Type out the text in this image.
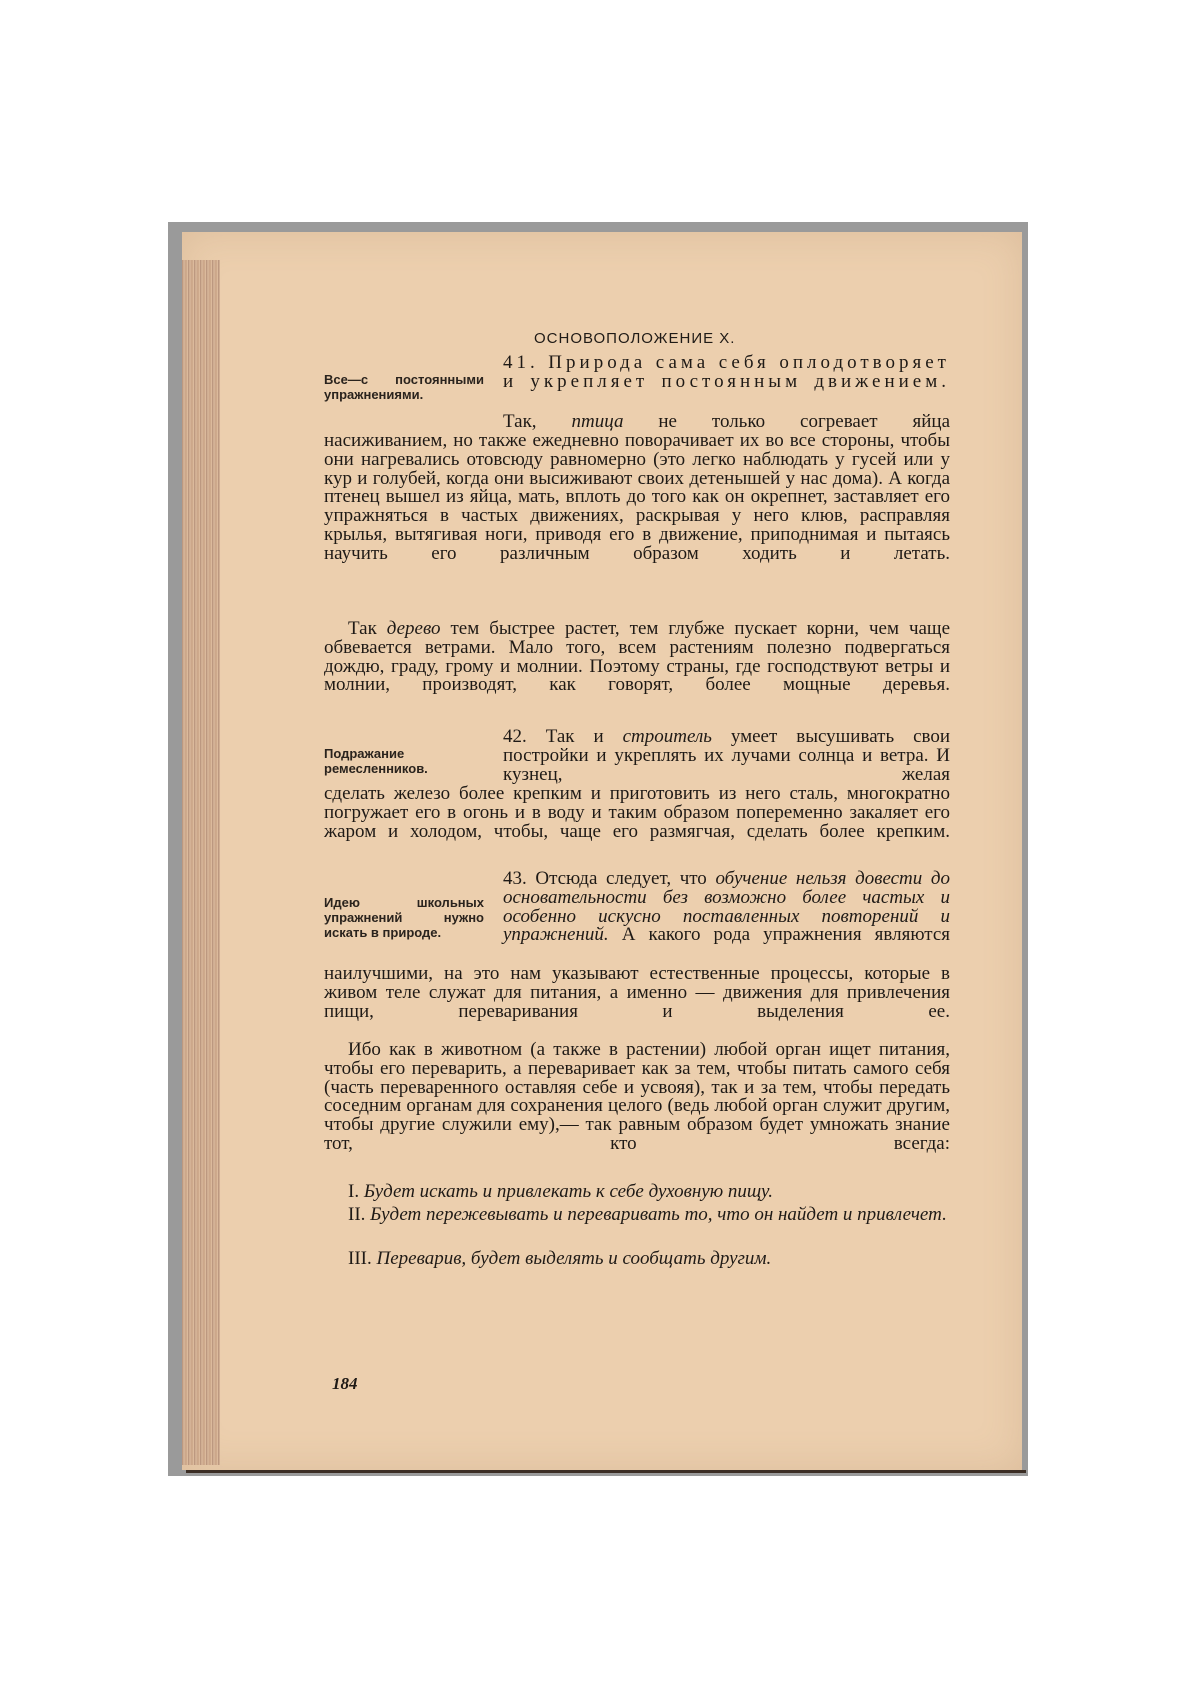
ОСНОВОПОЛОЖЕНИЕ X.
Все—с постоянными упражнениями.
Подражание ремесленников.
Идею школьных упражнений нужно искать в природе.

41. Природа сама себя оплодотворяет и укрепляет постоянным движением.

Так, птица не только согревает яйца

насиживанием, но также ежедневно поворачивает их во все стороны, чтобы они нагревались отовсюду равномерно (это легко наблюдать у гусей или у кур и голубей, когда они высиживают своих детенышей у нас дома). А когда птенец вышел из яйца, мать, вплоть до того как он окрепнет, заставляет его упражняться в частых движениях, раскрывая у него клюв, расправляя крылья, вытягивая ноги, приводя его в движение, приподнимая и пытаясь научить его различным образом ходить и летать.

Так дерево тем быстрее растет, тем глубже пускает корни, чем чаще обвевается ветрами. Мало того, всем растениям полезно подвергаться дождю, граду, грому и молнии. Поэтому страны, где господствуют ветры и молнии, производят, как говорят, более мощные деревья.

42. Так и строитель умеет высушивать свои постройки и укреплять их лучами солнца и ветра. И кузнец, желая

сделать железо более крепким и приготовить из него сталь, многократно погружает его в огонь и в воду и таким образом попеременно закаляет его жаром и холодом, чтобы, чаще его размягчая, сделать более крепким.

43. Отсюда следует, что обучение нельзя довести до основательности без возможно более частых и особенно искусно поставленных повторений и упражнений. А какого рода упражнения являются

наилучшими, на это нам указывают естественные процессы, которые в живом теле служат для питания, а именно — движения для привлечения пищи, переваривания и выделения ее.

Ибо как в животном (а также в растении) любой орган ищет питания, чтобы его переварить, а переваривает как за тем, чтобы питать самого себя (часть переваренного оставляя себе и усвояя), так и за тем, чтобы передать соседним органам для сохранения целого (ведь любой орган служит другим, чтобы другие служили ему),— так равным образом будет умножать знание тот, кто всегда:

I. Будет искать и привлекать к себе духовную пищу.

II. Будет пережевывать и переваривать то, что он найдет и привлечет.

III. Переварив, будет выделять и сообщать другим.

184
